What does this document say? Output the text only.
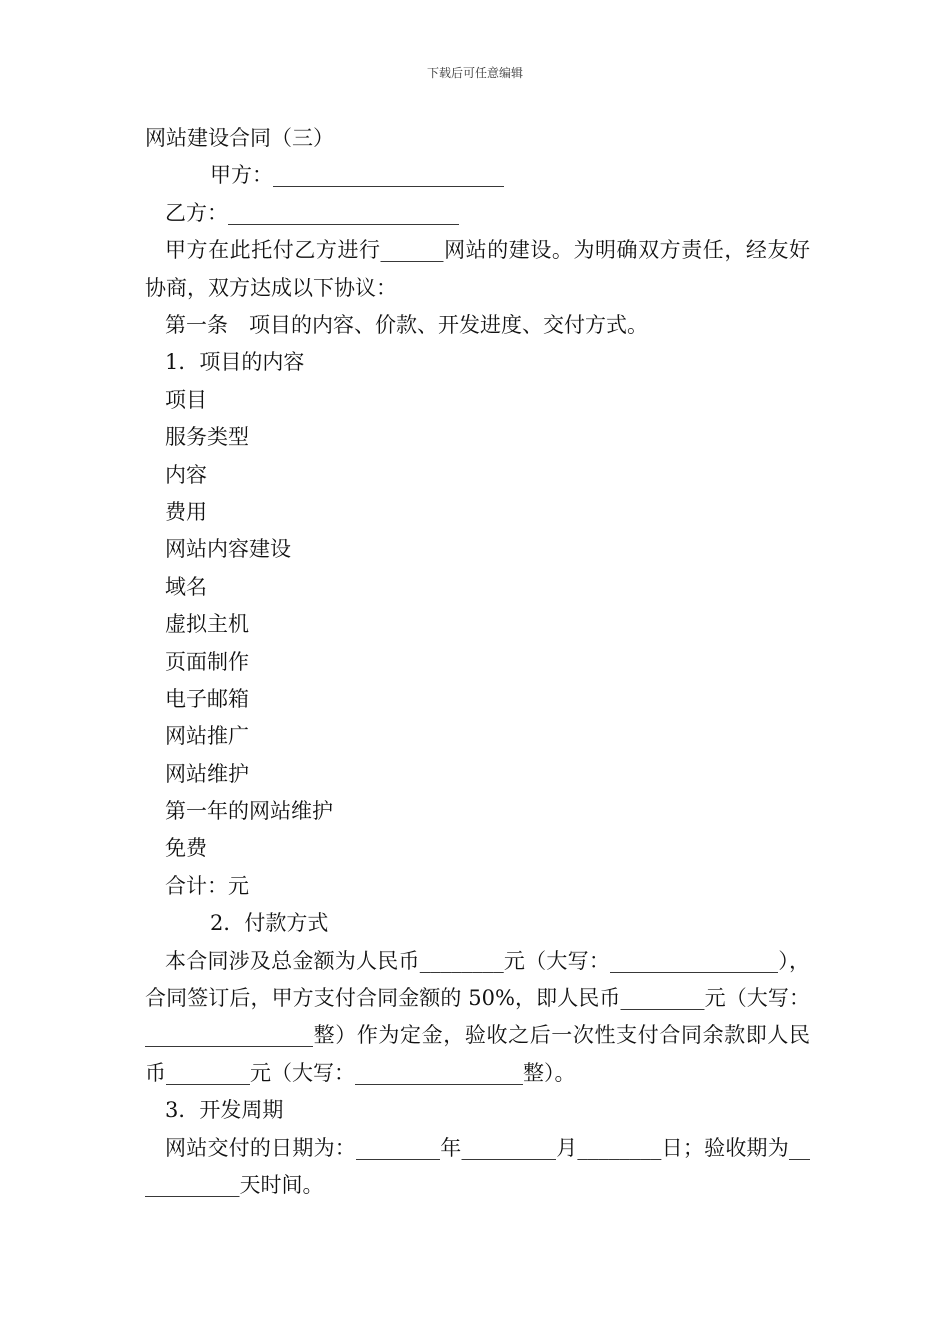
下载后可任意编辑
网站建设合同（三）
甲方：______________________
乙方：______________________
甲方在此托付乙方进行______网站的建设。为明确双方责任，经友好协商，双方达成以下协议：
第一条　项目的内容、价款、开发进度、交付方式。
1．项目的内容
项目
服务类型
内容
费用
网站内容建设
域名
虚拟主机
页面制作
电子邮箱
网站推广
网站维护
第一年的网站维护
免费
合计：元
2．付款方式
本合同涉及总金额为人民币________元（大写：________________），合同签订后，甲方支付合同金额的 50%，即人民币________元（大写：________________整）作为定金，验收之后一次性支付合同余款即人民币________元（大写：________________整）。
3．开发周期
网站交付的日期为：________年_________月________日；验收期为___________天时间。
